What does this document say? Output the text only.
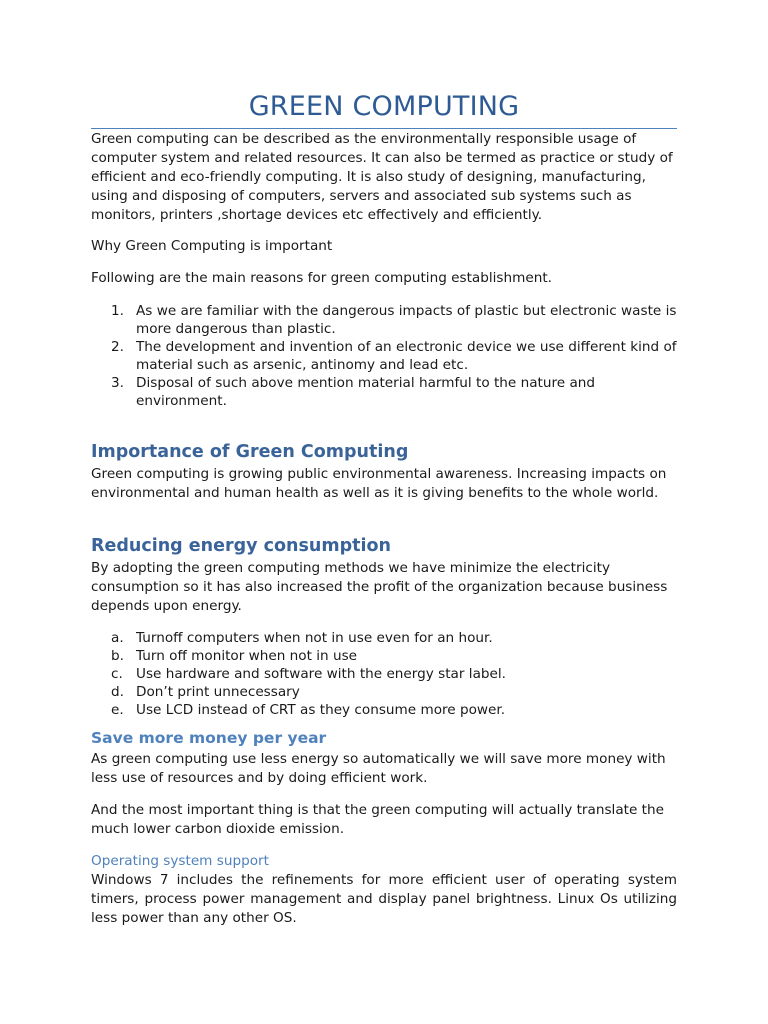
GREEN COMPUTING

Green computing can be described as the environmentally responsible usage of computer system and related resources. It can also be termed as practice or study of efficient and eco-friendly computing. It is also study of designing, manufacturing, using and disposing of computers, servers and associated sub systems such as monitors, printers ,shortage devices etc effectively and efficiently.

Why Green Computing is important

Following are the main reasons for green computing establishment.

1. As we are familiar with the dangerous impacts of plastic but electronic waste is more dangerous than plastic.
2. The development and invention of an electronic device we use different kind of material such as arsenic, antinomy and lead etc.
3. Disposal of such above mention material harmful to the nature and environment.
Importance of Green Computing

Green computing is growing public environmental awareness. Increasing impacts on environmental and human health as well as it is giving benefits to the whole world.

Reducing energy consumption

By adopting the green computing methods we have minimize the electricity consumption so it has also increased the profit of the organization because business depends upon energy.

a. Turnoff computers when not in use even for an hour.
b. Turn off monitor when not in use
c. Use hardware and software with the energy star label.
d. Don’t print unnecessary
e. Use LCD instead of CRT as they consume more power.
Save more money per year

As green computing use less energy so automatically we will save more money with less use of resources and by doing efficient work.

And the most important thing is that the green computing will actually translate the much lower carbon dioxide emission.

Operating system support

Windows 7 includes the refinements for more efficient user of operating system timers, process power management and display panel brightness. Linux Os utilizing less power than any other OS.
